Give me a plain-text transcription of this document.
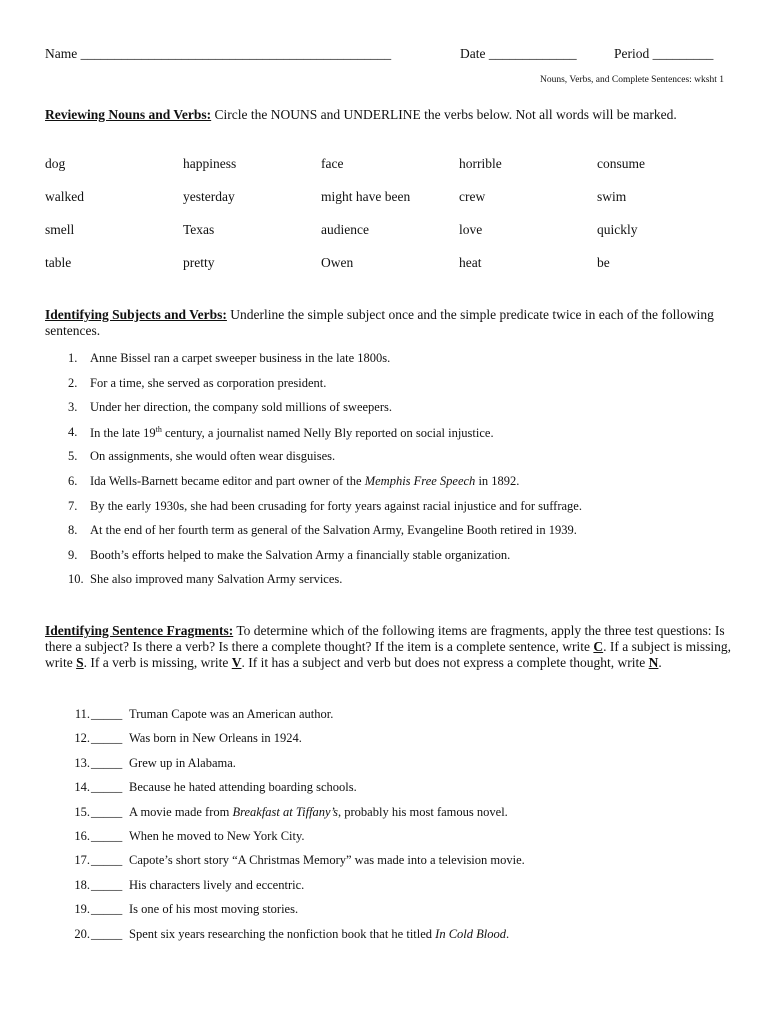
Name ______________________________________________	Date _____________	Period _________
Nouns, Verbs, and Complete Sentences: wksht 1
Reviewing Nouns and Verbs: Circle the NOUNS and UNDERLINE the verbs below. Not all words will be marked.
dog	happiness	face	horrible	consume
walked	yesterday	might have been	crew	swim
smell	Texas	audience	love	quickly
table	pretty	Owen	heat	be
Identifying Subjects and Verbs: Underline the simple subject once and the simple predicate twice in each of the following sentences.
1.	Anne Bissel ran a carpet sweeper business in the late 1800s.
2.	For a time, she served as corporation president.
3.	Under her direction, the company sold millions of sweepers.
4.	In the late 19th century, a journalist named Nelly Bly reported on social injustice.
5.	On assignments, she would often wear disguises.
6.	Ida Wells-Barnett became editor and part owner of the Memphis Free Speech in 1892.
7.	By the early 1930s, she had been crusading for forty years against racial injustice and for suffrage.
8.	At the end of her fourth term as general of the Salvation Army, Evangeline Booth retired in 1939.
9.	Booth’s efforts helped to make the Salvation Army a financially stable organization.
10. She also improved many Salvation Army services.
Identifying Sentence Fragments: To determine which of the following items are fragments, apply the three test questions: Is there a subject? Is there a verb? Is there a complete thought? If the item is a complete sentence, write C. If a subject is missing, write S. If a verb is missing, write V. If it has a subject and verb but does not express a complete thought, write N.
11. _____ Truman Capote was an American author.
12. _____ Was born in New Orleans in 1924.
13. _____ Grew up in Alabama.
14. _____ Because he hated attending boarding schools.
15. _____ A movie made from Breakfast at Tiffany’s, probably his most famous novel.
16. _____ When he moved to New York City.
17. _____ Capote’s short story “A Christmas Memory” was made into a television movie.
18. _____ His characters lively and eccentric.
19. _____ Is one of his most moving stories.
20. _____ Spent six years researching the nonfiction book that he titled In Cold Blood.
